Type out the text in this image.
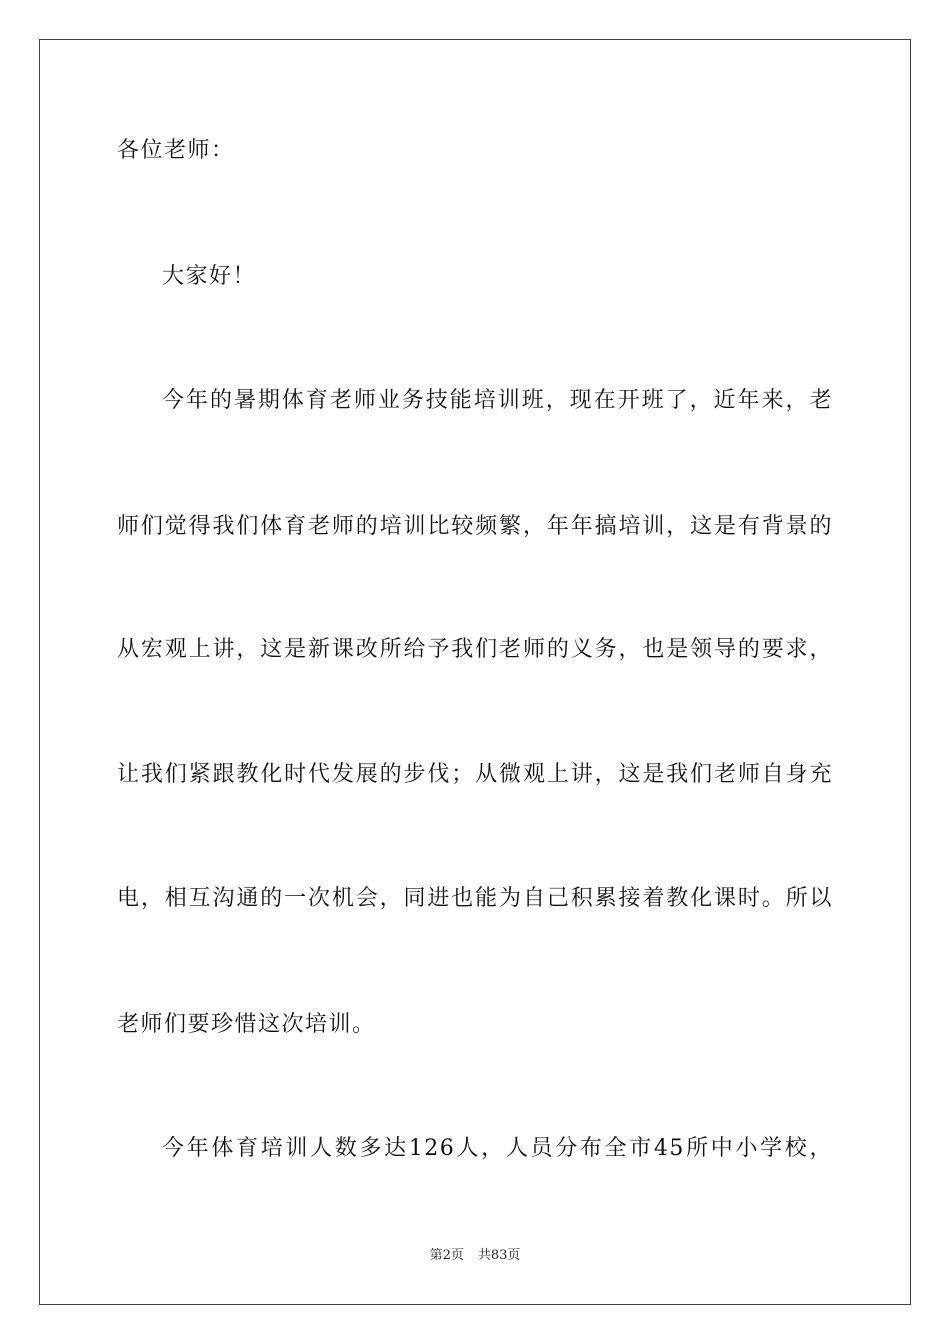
各位老师：
大家好！
今年的暑期体育老师业务技能培训班，现在开班了，近年来，老
师们觉得我们体育老师的培训比较频繁，年年搞培训，这是有背景的
从宏观上讲，这是新课改所给予我们老师的义务，也是领导的要求，
让我们紧跟教化时代发展的步伐；从微观上讲，这是我们老师自身充
电，相互沟通的一次机会，同进也能为自己积累接着教化课时。所以
老师们要珍惜这次培训。
今年体育培训人数多达126人，人员分布全市45所中小学校，
第2页 共83页
